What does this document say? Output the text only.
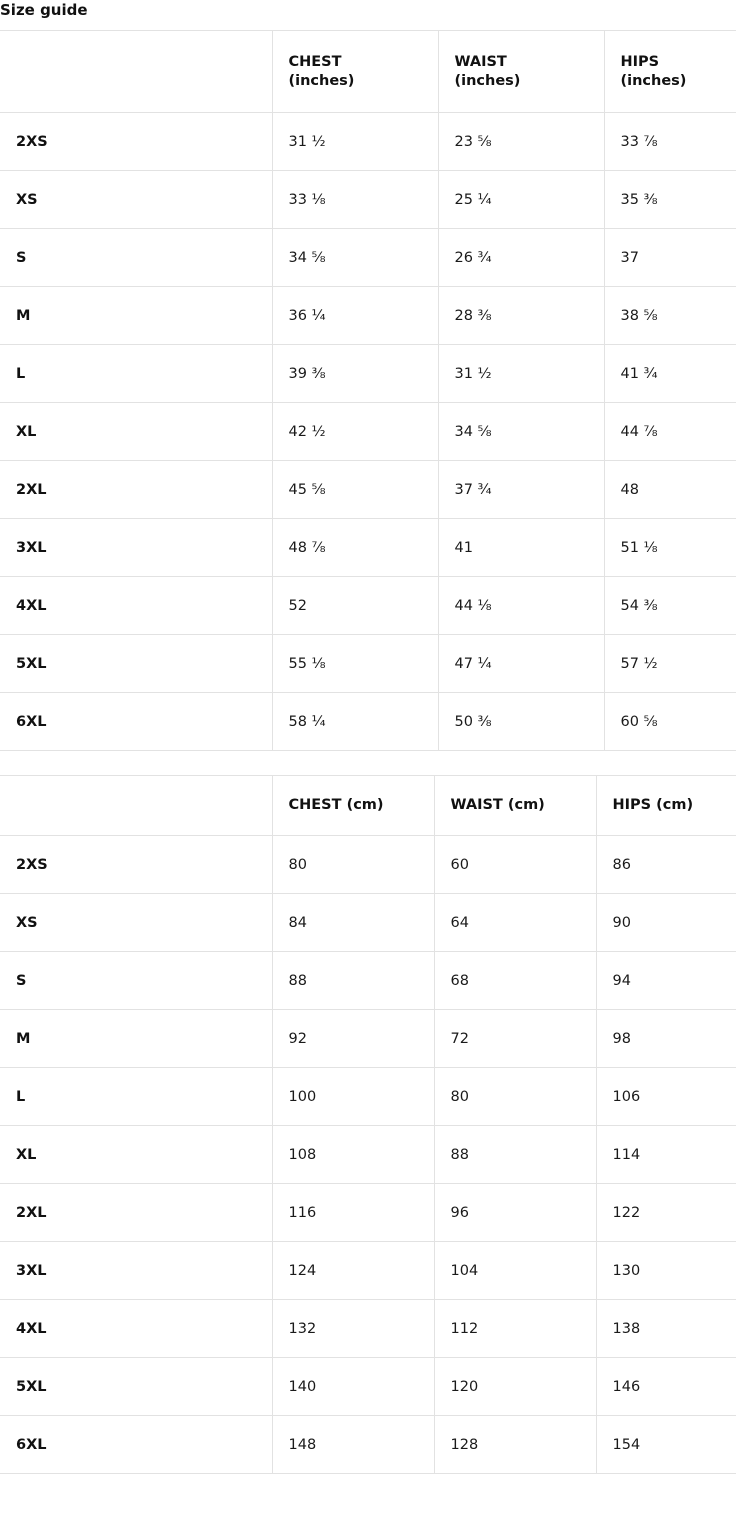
Size guide

	CHEST
(inches)	WAIST
(inches)	HIPS
(inches)

2XS	31 ½	23 ⅝	33 ⅞
XS	33 ⅛	25 ¼	35 ⅜
S	34 ⅝	26 ¾	37
M	36 ¼	28 ⅜	38 ⅝
L	39 ⅜	31 ½	41 ¾
XL	42 ½	34 ⅝	44 ⅞
2XL	45 ⅝	37 ¾	48
3XL	48 ⅞	41	51 ⅛
4XL	52	44 ⅛	54 ⅜
5XL	55 ⅛	47 ¼	57 ½
6XL	58 ¼	50 ⅜	60 ⅝
	CHEST (cm)	WAIST (cm)	HIPS (cm)
2XS	80	60	86
XS	84	64	90
S	88	68	94
M	92	72	98
L	100	80	106
XL	108	88	114
2XL	116	96	122
3XL	124	104	130
4XL	132	112	138
5XL	140	120	146
6XL	148	128	154
